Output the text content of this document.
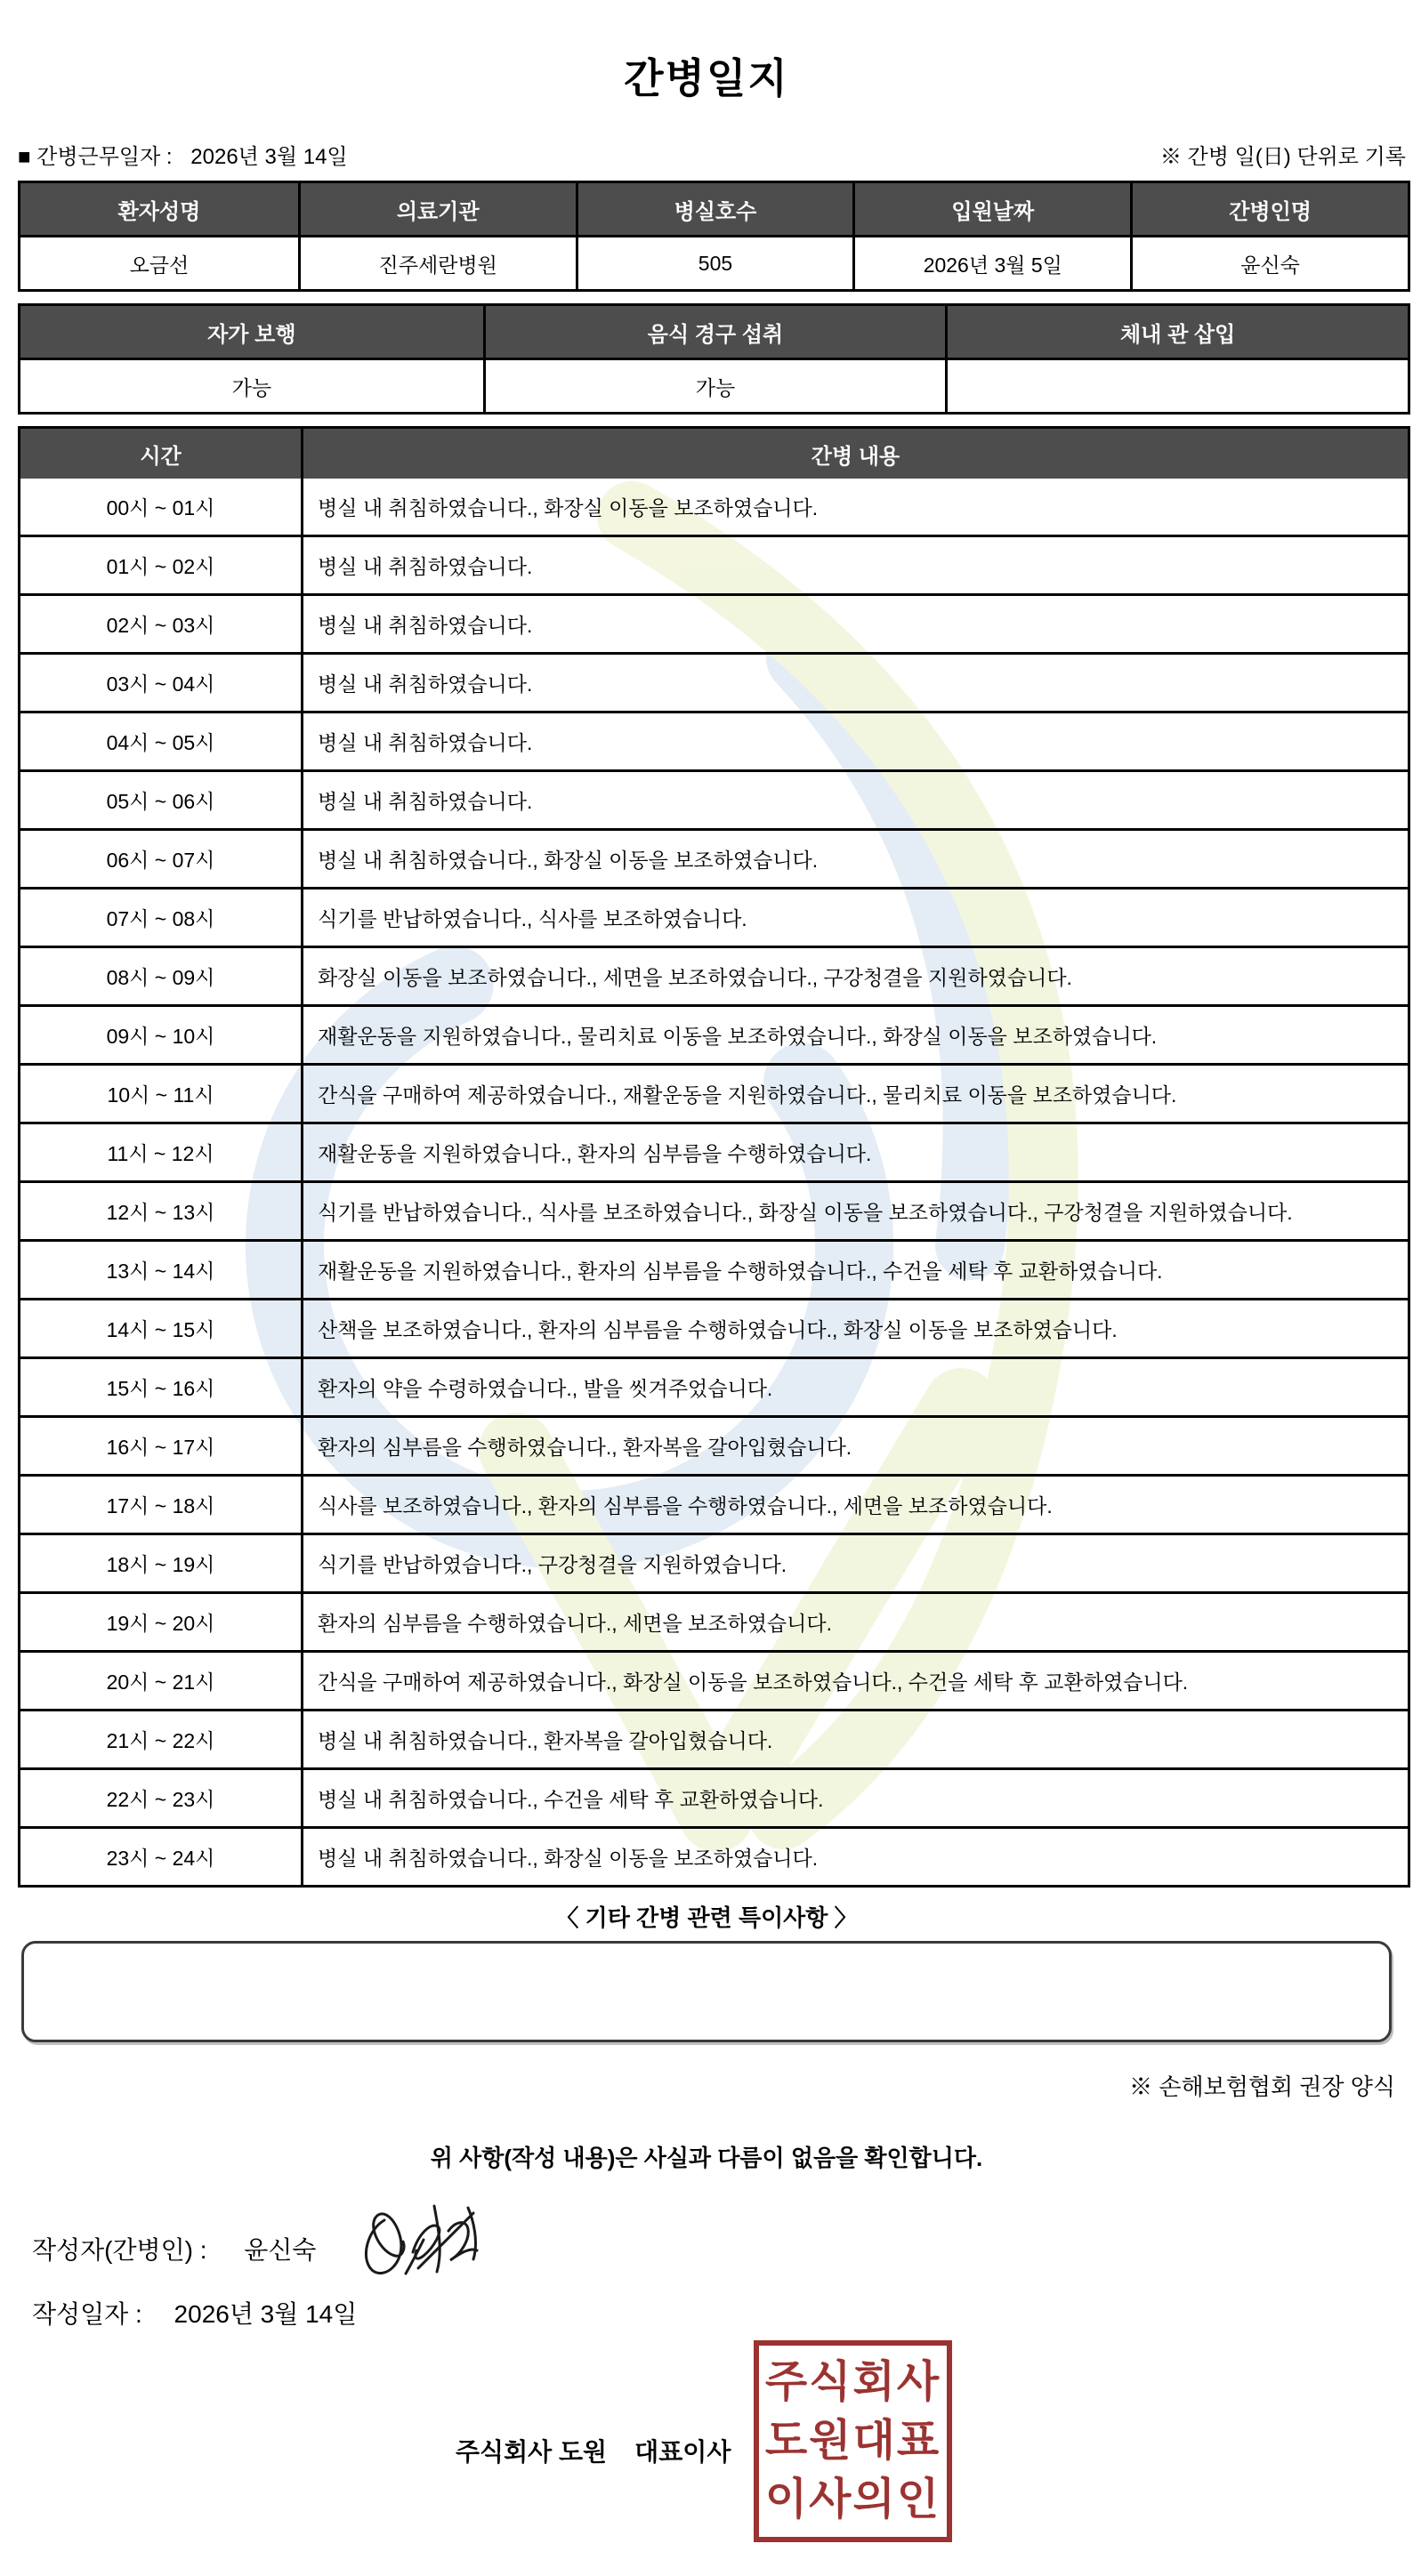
간병일지
■ 간병근무일자 : 2026년 3월 14일	※ 간병 일(日) 단위로 기록
환자성명	의료기관	병실호수	입원날짜	간병인명
오금선	진주세란병원	505	2026년 3월 5일	윤신숙
자가 보행	음식 경구 섭취	체내 관 삽입
가능	가능
시간	간병 내용
00시 ~ 01시	병실 내 취침하였습니다., 화장실 이동을 보조하였습니다.
01시 ~ 02시	병실 내 취침하였습니다.
02시 ~ 03시	병실 내 취침하였습니다.
03시 ~ 04시	병실 내 취침하였습니다.
04시 ~ 05시	병실 내 취침하였습니다.
05시 ~ 06시	병실 내 취침하였습니다.
06시 ~ 07시	병실 내 취침하였습니다., 화장실 이동을 보조하였습니다.
07시 ~ 08시	식기를 반납하였습니다., 식사를 보조하였습니다.
08시 ~ 09시	화장실 이동을 보조하였습니다., 세면을 보조하였습니다., 구강청결을 지원하였습니다.
09시 ~ 10시	재활운동을 지원하였습니다., 물리치료 이동을 보조하였습니다., 화장실 이동을 보조하였습니다.
10시 ~ 11시	간식을 구매하여 제공하였습니다., 재활운동을 지원하였습니다., 물리치료 이동을 보조하였습니다.
11시 ~ 12시	재활운동을 지원하였습니다., 환자의 심부름을 수행하였습니다.
12시 ~ 13시	식기를 반납하였습니다., 식사를 보조하였습니다., 화장실 이동을 보조하였습니다., 구강청결을 지원하였습니다.
13시 ~ 14시	재활운동을 지원하였습니다., 환자의 심부름을 수행하였습니다., 수건을 세탁 후 교환하였습니다.
14시 ~ 15시	산책을 보조하였습니다., 환자의 심부름을 수행하였습니다., 화장실 이동을 보조하였습니다.
15시 ~ 16시	환자의 약을 수령하였습니다., 발을 씻겨주었습니다.
16시 ~ 17시	환자의 심부름을 수행하였습니다., 환자복을 갈아입혔습니다.
17시 ~ 18시	식사를 보조하였습니다., 환자의 심부름을 수행하였습니다., 세면을 보조하였습니다.
18시 ~ 19시	식기를 반납하였습니다., 구강청결을 지원하였습니다.
19시 ~ 20시	환자의 심부름을 수행하였습니다., 세면을 보조하였습니다.
20시 ~ 21시	간식을 구매하여 제공하였습니다., 화장실 이동을 보조하였습니다., 수건을 세탁 후 교환하였습니다.
21시 ~ 22시	병실 내 취침하였습니다., 환자복을 갈아입혔습니다.
22시 ~ 23시	병실 내 취침하였습니다., 수건을 세탁 후 교환하였습니다.
23시 ~ 24시	병실 내 취침하였습니다., 화장실 이동을 보조하였습니다.
〈 기타 간병 관련 특이사항 〉
※ 손해보험협회 권장 양식
위 사항(작성 내용)은 사실과 다름이 없음을 확인합니다.
작성자(간병인) : 윤신숙
작성일자 : 2026년 3월 14일
주식회사 도원    대표이사
주식회사
도원대표
이사의인
